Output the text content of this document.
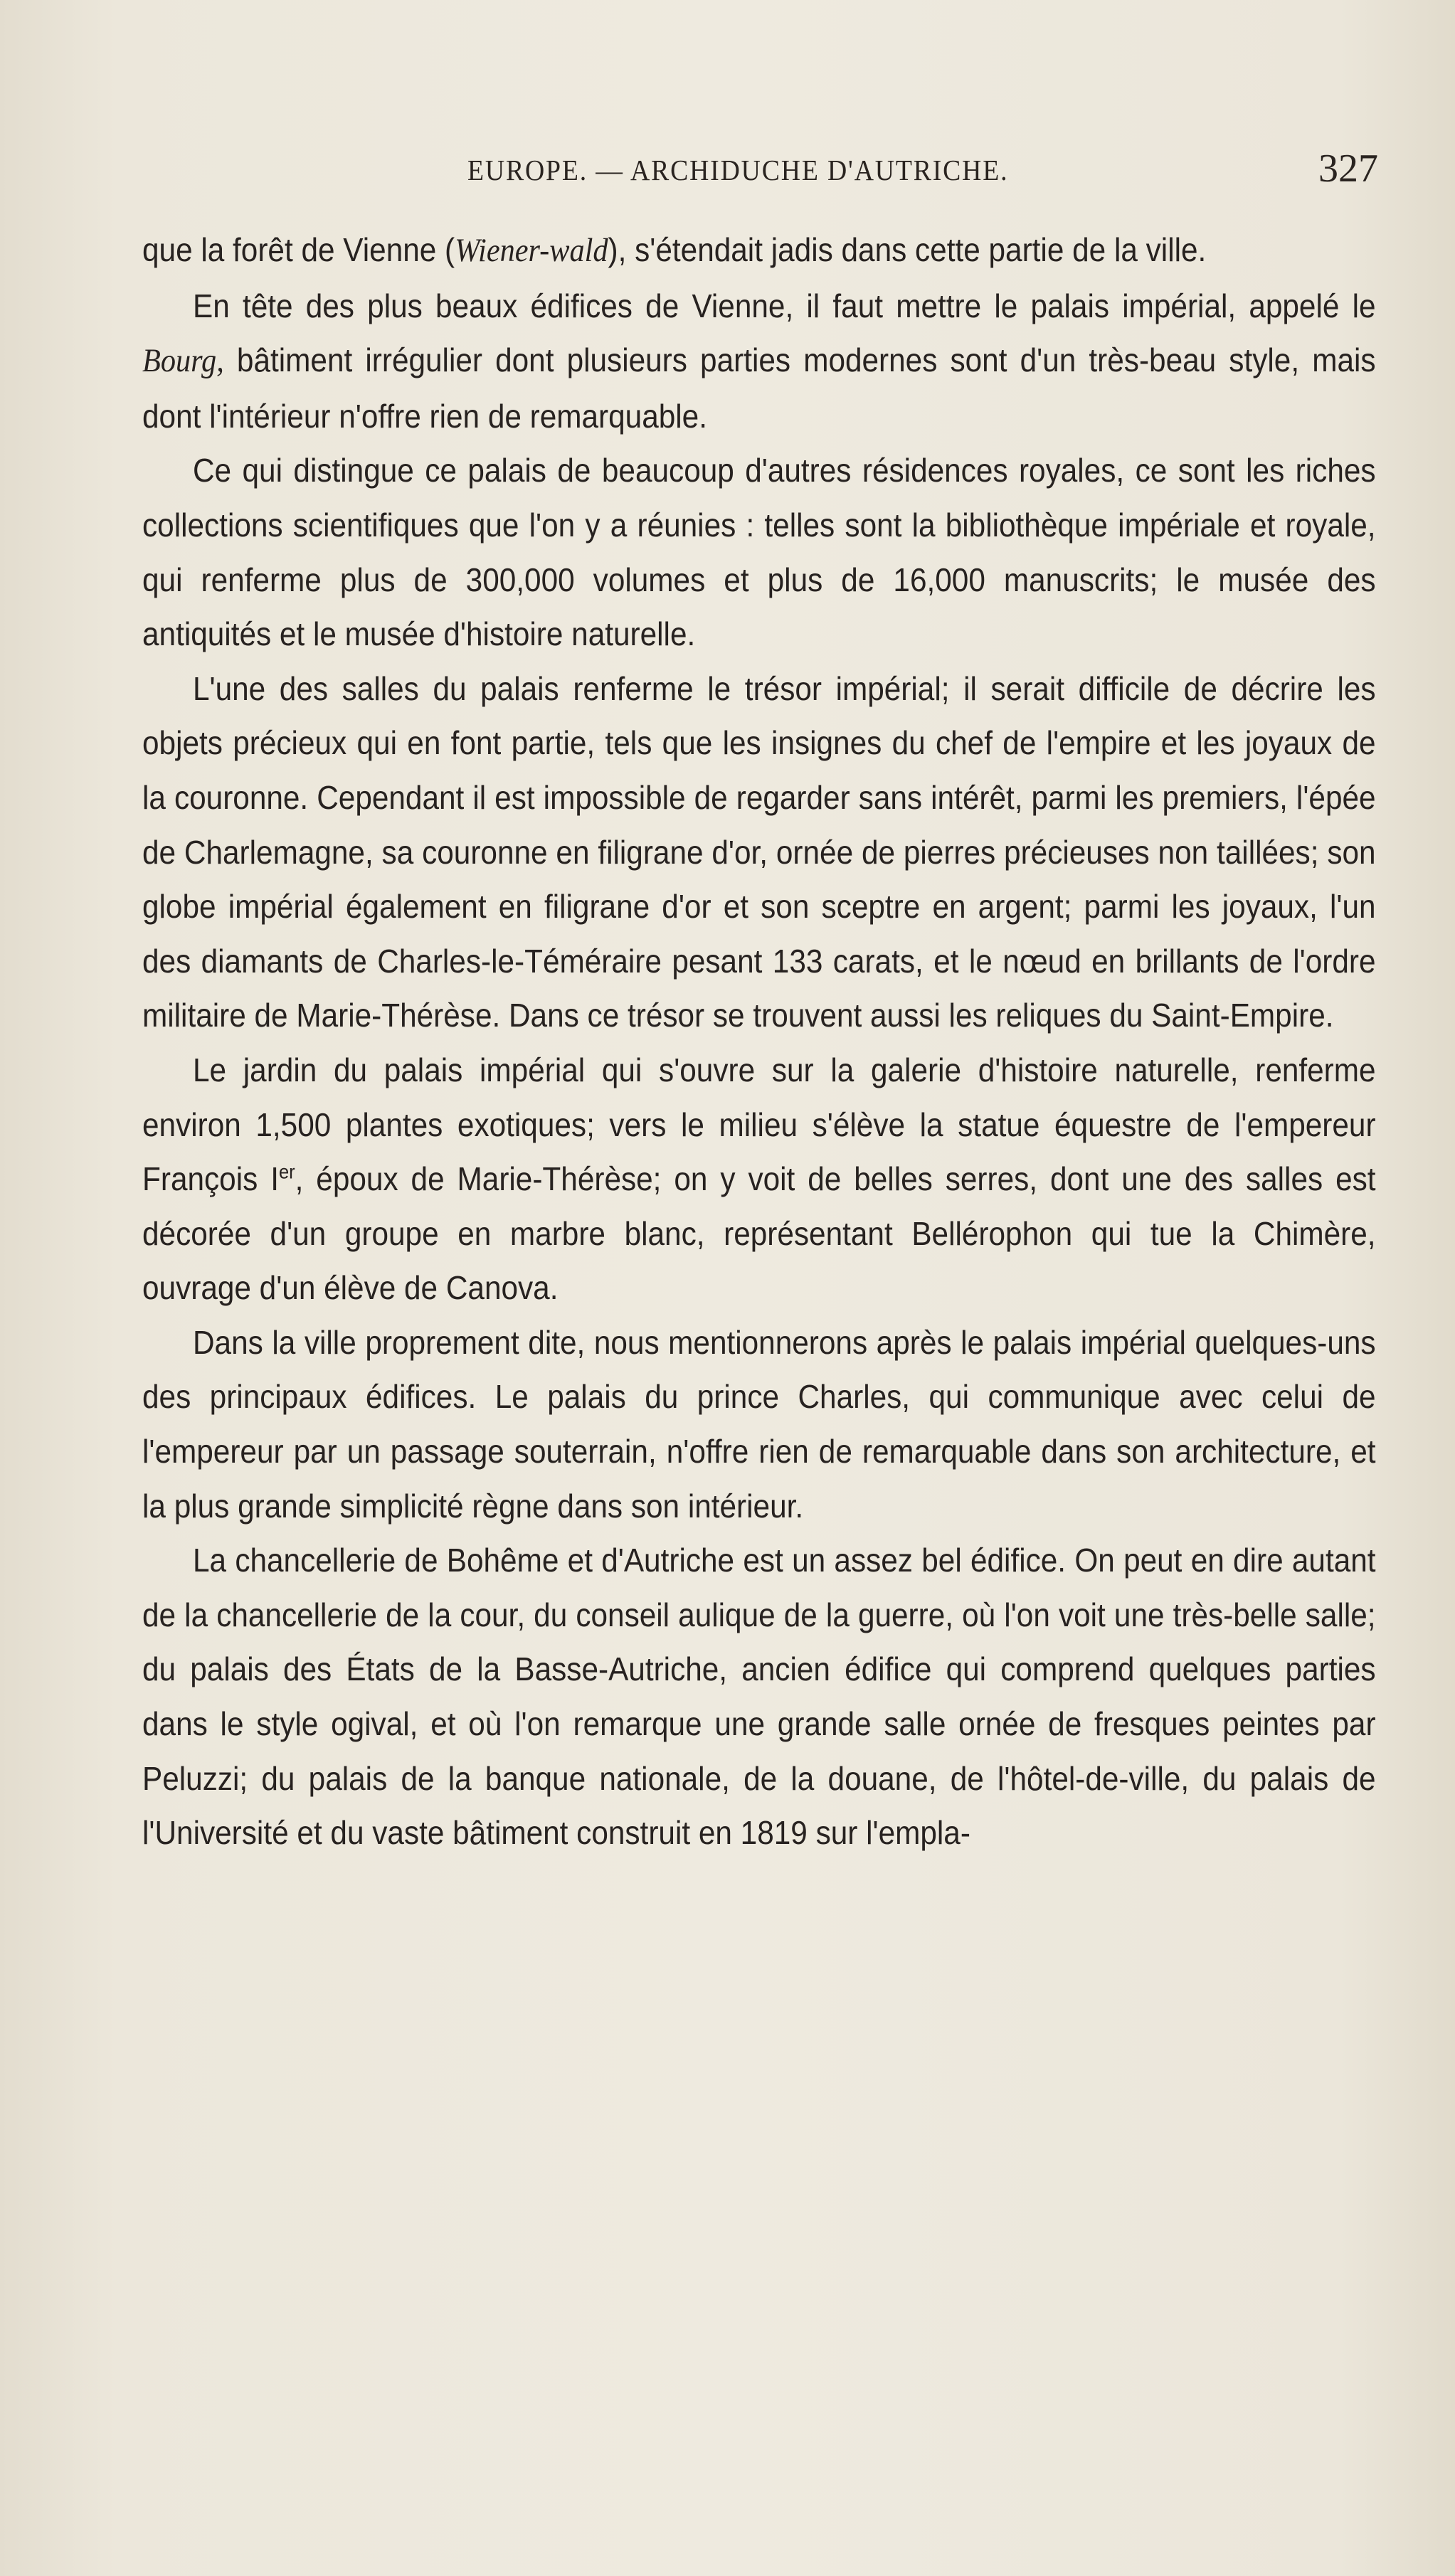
EUROPE. — ARCHIDUCHE D'AUTRICHE.	327

que la forêt de Vienne (Wiener-wald), s'étendait jadis dans cette partie de la ville.

En tête des plus beaux édifices de Vienne, il faut mettre le palais impérial, appelé le Bourg, bâtiment irrégulier dont plusieurs parties modernes sont d'un très-beau style, mais dont l'intérieur n'offre rien de remarquable.

Ce qui distingue ce palais de beaucoup d'autres résidences royales, ce sont les riches collections scientifiques que l'on y a réunies : telles sont la bibliothèque impériale et royale, qui renferme plus de 300,000 volumes et plus de 16,000 manuscrits; le musée des antiquités et le musée d'histoire naturelle.

L'une des salles du palais renferme le trésor impérial; il serait difficile de décrire les objets précieux qui en font partie, tels que les insignes du chef de l'empire et les joyaux de la couronne. Cependant il est impossible de regarder sans intérêt, parmi les premiers, l'épée de Charlemagne, sa couronne en filigrane d'or, ornée de pierres précieuses non taillées; son globe impérial également en filigrane d'or et son sceptre en argent; parmi les joyaux, l'un des diamants de Charles-le-Téméraire pesant 133 carats, et le nœud en brillants de l'ordre militaire de Marie-Thérèse. Dans ce trésor se trouvent aussi les reliques du Saint-Empire.

Le jardin du palais impérial qui s'ouvre sur la galerie d'histoire naturelle, renferme environ 1,500 plantes exotiques; vers le milieu s'élève la statue équestre de l'empereur François Ier, époux de Marie-Thérèse; on y voit de belles serres, dont une des salles est décorée d'un groupe en marbre blanc, représentant Bellérophon qui tue la Chimère, ouvrage d'un élève de Canova.

Dans la ville proprement dite, nous mentionnerons après le palais impérial quelques-uns des principaux édifices. Le palais du prince Charles, qui communique avec celui de l'empereur par un passage souterrain, n'offre rien de remarquable dans son architecture, et la plus grande simplicité règne dans son intérieur.

La chancellerie de Bohême et d'Autriche est un assez bel édifice. On peut en dire autant de la chancellerie de la cour, du conseil aulique de la guerre, où l'on voit une très-belle salle; du palais des États de la Basse-Autriche, ancien édifice qui comprend quelques parties dans le style ogival, et où l'on remarque une grande salle ornée de fresques peintes par Peluzzi; du palais de la banque nationale, de la douane, de l'hôtel-de-ville, du palais de l'Université et du vaste bâtiment construit en 1819 sur l'empla-
